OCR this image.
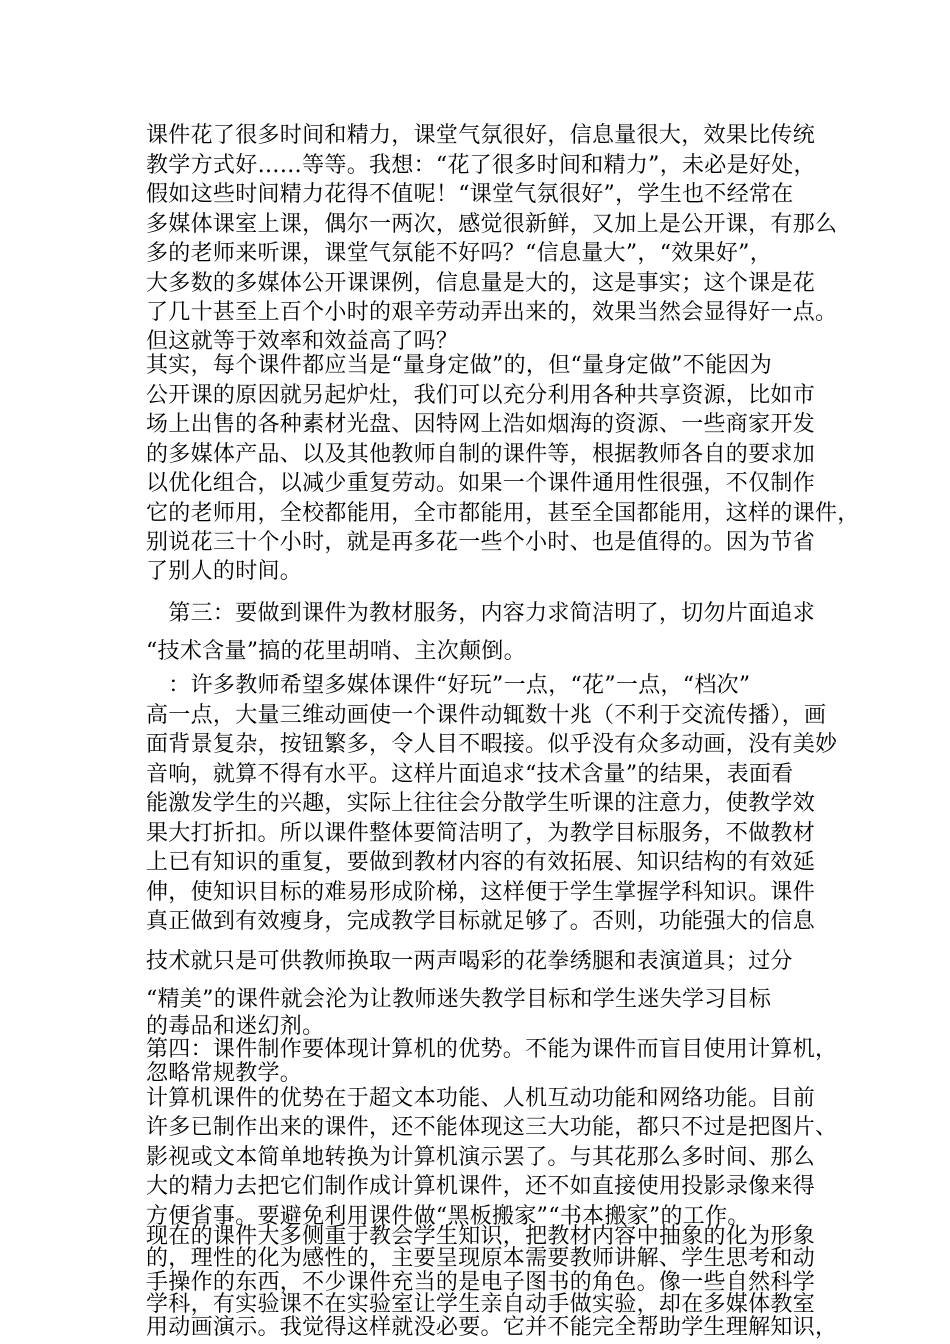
课件花了很多时间和精力，课堂气氛很好，信息量很大，效果比传统
教学方式好……等等。我想：“花了很多时间和精力”，未必是好处，
假如这些时间精力花得不值呢！“课堂气氛很好”，学生也不经常在
多媒体课室上课，偶尔一两次，感觉很新鲜，又加上是公开课，有那么
多的老师来听课，课堂气氛能不好吗？“信息量大”，“效果好”，
大多数的多媒体公开课课例，信息量是大的，这是事实；这个课是花
了几十甚至上百个小时的艰辛劳动弄出来的，效果当然会显得好一点。
但这就等于效率和效益高了吗？
其实，每个课件都应当是“量身定做”的，但“量身定做”不能因为
公开课的原因就另起炉灶，我们可以充分利用各种共享资源，比如市
场上出售的各种素材光盘、因特网上浩如烟海的资源、一些商家开发
的多媒体产品、以及其他教师自制的课件等，根据教师各自的要求加
以优化组合，以减少重复劳动。如果一个课件通用性很强，不仅制作
它的老师用，全校都能用，全市都能用，甚至全国都能用，这样的课件，
别说花三十个小时，就是再多花一些个小时、也是值得的。因为节省
了别人的时间。
　第三：要做到课件为教材服务，内容力求简洁明了，切勿片面追求
“技术含量”搞的花里胡哨、主次颠倒。
　：许多教师希望多媒体课件“好玩”一点，“花”一点，“档次”
高一点，大量三维动画使一个课件动辄数十兆（不利于交流传播），画
面背景复杂，按钮繁多，令人目不暇接。似乎没有众多动画，没有美妙
音响，就算不得有水平。这样片面追求“技术含量”的结果，表面看
能激发学生的兴趣，实际上往往会分散学生听课的注意力，使教学效
果大打折扣。所以课件整体要简洁明了，为教学目标服务，不做教材
上已有知识的重复，要做到教材内容的有效拓展、知识结构的有效延
伸，使知识目标的难易形成阶梯，这样便于学生掌握学科知识。课件
真正做到有效瘦身，完成教学目标就足够了。否则，功能强大的信息
技术就只是可供教师换取一两声喝彩的花拳绣腿和表演道具；过分
“精美”的课件就会沦为让教师迷失教学目标和学生迷失学习目标
的毒品和迷幻剂。
第四：课件制作要体现计算机的优势。不能为课件而盲目使用计算机，
忽略常规教学。
计算机课件的优势在于超文本功能、人机互动功能和网络功能。目前
许多已制作出来的课件，还不能体现这三大功能，都只不过是把图片、
影视或文本简单地转换为计算机演示罢了。与其花那么多时间、那么
大的精力去把它们制作成计算机课件，还不如直接使用投影录像来得
方便省事。要避免利用课件做“黑板搬家”“书本搬家”的工作。
现在的课件大多侧重于教会学生知识，把教材内容中抽象的化为形象
的，理性的化为感性的，主要呈现原本需要教师讲解、学生思考和动
手操作的东西，不少课件充当的是电子图书的角色。像一些自然科学
学科，有实验课不在实验室让学生亲自动手做实验，却在多媒体教室
用动画演示。我觉得这样就没必要。它并不能完全帮助学生理解知识，
